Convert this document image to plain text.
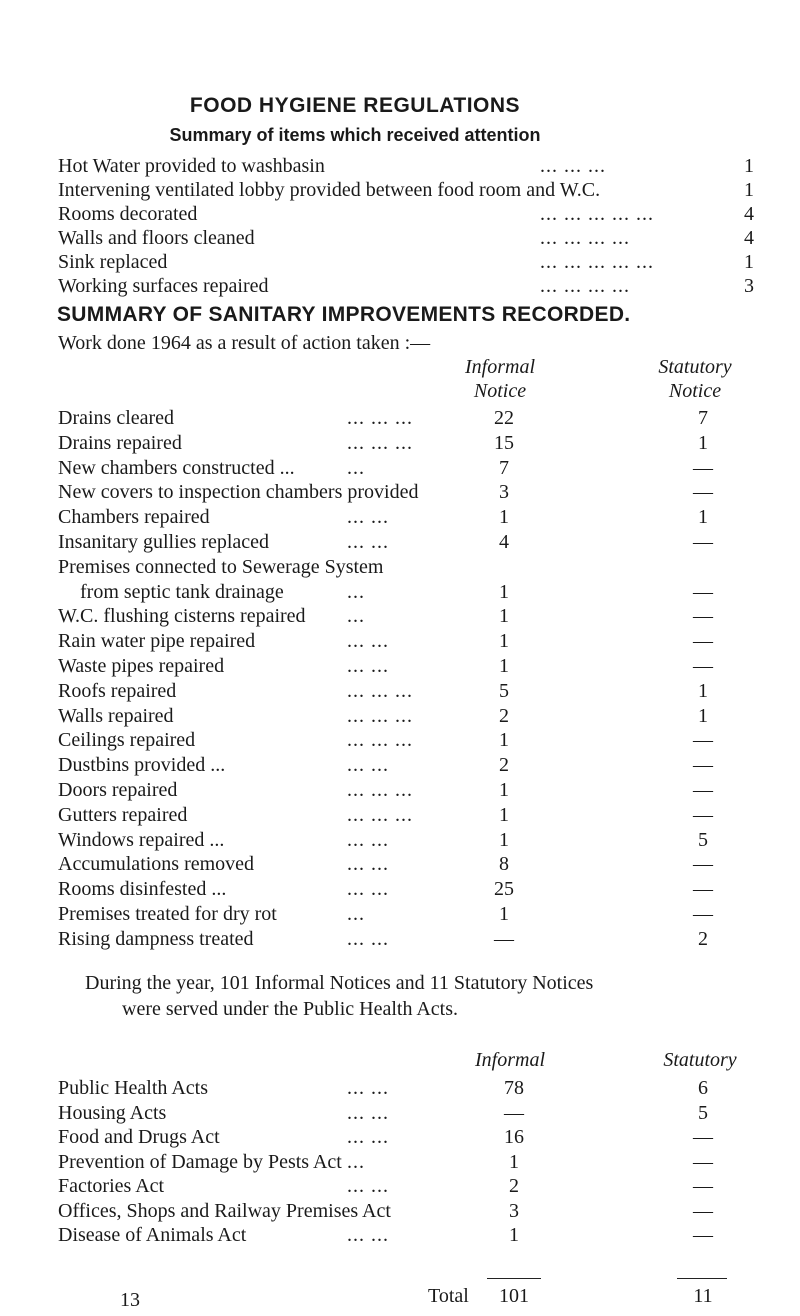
FOOD HYGIENE REGULATIONS
Summary of items which received attention
Hot Water provided to washbasin	... ... ...	1
Intervening ventilated lobby provided between food room and W.C.	1
Rooms decorated	... ... ... ... ...	4
Walls and floors cleaned	... ... ... ...	4
Sink replaced	... ... ... ... ...	1
Working surfaces repaired	... ... ... ...	3
SUMMARY OF SANITARY IMPROVEMENTS RECORDED.
Work done 1964 as a result of action taken :—
Informal
Notice
Statutory
Notice
Drains cleared	... ... ...	22	7
Drains repaired	... ... ...	15	1
New chambers constructed ...	...	7	—
New covers to inspection chambers provided	3	—
Chambers repaired	... ...	1	1
Insanitary gullies replaced	... ...	4	—
Premises connected to Sewerage System
from septic tank drainage	...	1	—
W.C. flushing cisterns repaired ...	1	—
Rain water pipe repaired	... ...	1	—
Waste pipes repaired	... ...	1	—
Roofs repaired	... ... ...	5	1
Walls repaired	... ... ...	2	1
Ceilings repaired	... ... ...	1	—
Dustbins provided ...	... ...	2	—
Doors repaired	... ... ...	1	—
Gutters repaired	... ... ...	1	—
Windows repaired ...	... ...	1	5
Accumulations removed	... ...	8	—
Rooms disinfested ...	... ...	25	—
Premises treated for dry rot	...	1	—
Rising dampness treated	... ...	—	2
During the year, 101 Informal Notices and 11 Statutory Notices
were served under the Public Health Acts.
Informal	Statutory
Public Health Acts	... ...	78	6
Housing Acts	... ...	—	5
Food and Drugs Act	... ...	16	—
Prevention of Damage by Pests Act ...	1	—
Factories Act	... ...	2	—
Offices, Shops and Railway Premises Act	3	—
Disease of Animals Act	... ...	1	—
Total	101	11
13
